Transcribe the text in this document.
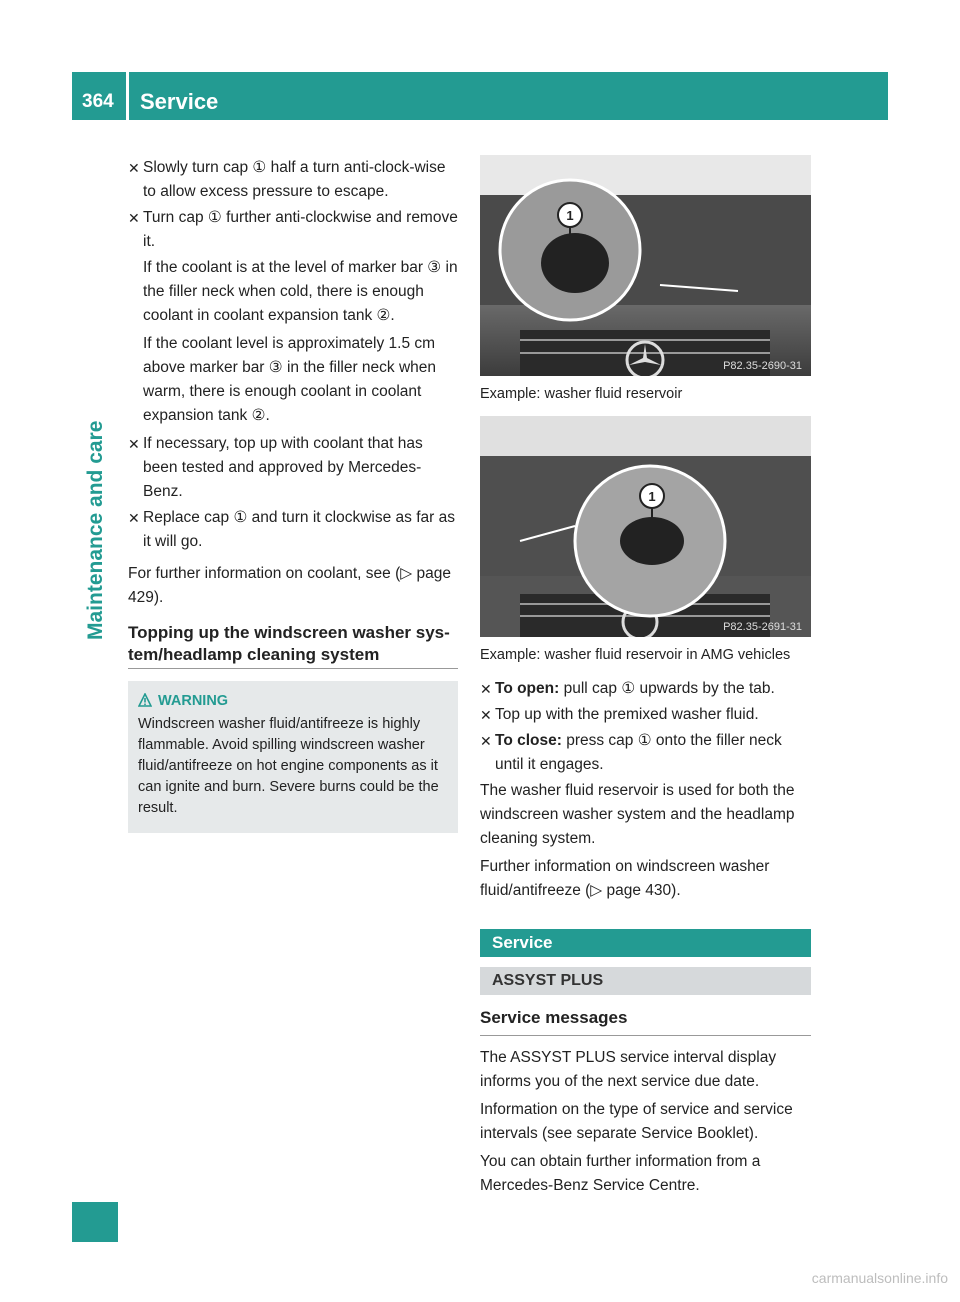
364 Service
Maintenance and care
✕ Slowly turn cap ① half a turn anti-clock-wise to allow excess pressure to escape.

✕ Turn cap ① further anti-clockwise and remove it.

If the coolant is at the level of marker bar ③ in the filler neck when cold, there is enough coolant in coolant expansion tank ②.

If the coolant level is approximately 1.5 cm above marker bar ③ in the filler neck when warm, there is enough coolant in coolant expansion tank ②.

✕ If necessary, top up with coolant that has been tested and approved by Mercedes-Benz.

✕ Replace cap ① and turn it clockwise as far as it will go.

For further information on coolant, see (▷ page 429).

Topping up the windscreen washer sys-tem/headlamp cleaning system
WARNING
Windscreen washer fluid/antifreeze is highly flammable. Avoid spilling windscreen washer fluid/antifreeze on hot engine components as it can ignite and burn. Severe burns could be the result.
1
P82.35-2690-31
Example: washer fluid reservoir
1
P82.35-2691-31
Example: washer fluid reservoir in AMG vehicles
✕ To open: pull cap ① upwards by the tab.

✕ Top up with the premixed washer fluid.

✕ To close: press cap ① onto the filler neck until it engages.

The washer fluid reservoir is used for both the windscreen washer system and the headlamp cleaning system.

Further information on windscreen washer fluid/antifreeze (▷ page 430).

Service
ASSYST PLUS
Service messages

The ASSYST PLUS service interval display informs you of the next service due date.

Information on the type of service and service intervals (see separate Service Booklet).

You can obtain further information from a Mercedes-Benz Service Centre.

carmanualsonline.info
